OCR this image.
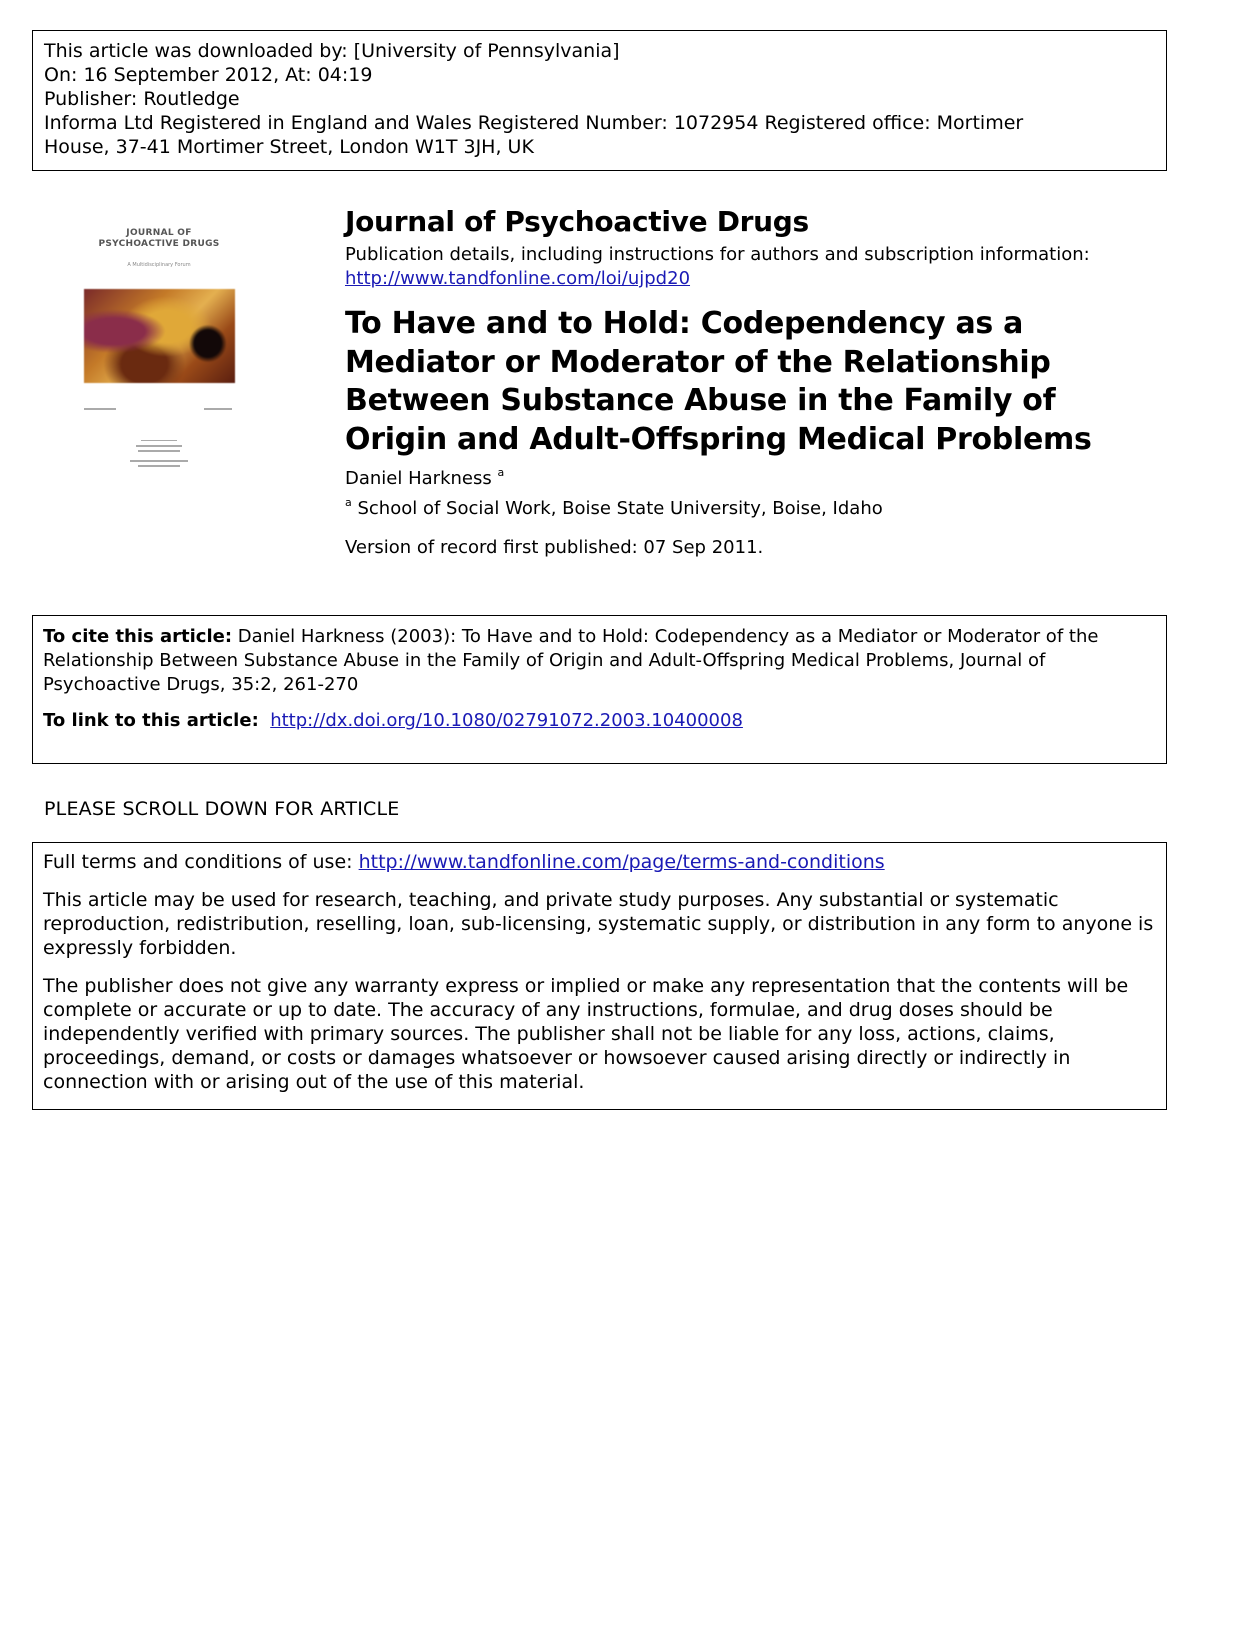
This article was downloaded by: [University of Pennsylvania]
On: 16 September 2012, At: 04:19
Publisher: Routledge
Informa Ltd Registered in England and Wales Registered Number: 1072954 Registered office: Mortimer
House, 37-41 Mortimer Street, London W1T 3JH, UK
JOURNAL OF
PSYCHOACTIVE DRUGS
A Multidisciplinary Forum
Journal of Psychoactive Drugs
Publication details, including instructions for authors and subscription information:
http://www.tandfonline.com/loi/ujpd20
To Have and to Hold: Codependency as a Mediator or Moderator of the Relationship Between Substance Abuse in the Family of Origin and Adult-Offspring Medical Problems
Daniel Harkness $^a$
$^a$ School of Social Work, Boise State University, Boise, Idaho
Version of record first published: 07 Sep 2011.
To cite this article: Daniel Harkness (2003): To Have and to Hold: Codependency as a Mediator or Moderator of the Relationship Between Substance Abuse in the Family of Origin and Adult-Offspring Medical Problems, Journal of Psychoactive Drugs, 35:2, 261-270
To link to this article: http://dx.doi.org/10.1080/02791072.2003.10400008
PLEASE SCROLL DOWN FOR ARTICLE

Full terms and conditions of use: http://www.tandfonline.com/page/terms-and-conditions

This article may be used for research, teaching, and private study purposes. Any substantial or systematic reproduction, redistribution, reselling, loan, sub-licensing, systematic supply, or distribution in any form to anyone is expressly forbidden.

The publisher does not give any warranty express or implied or make any representation that the contents will be complete or accurate or up to date. The accuracy of any instructions, formulae, and drug doses should be independently verified with primary sources. The publisher shall not be liable for any loss, actions, claims, proceedings, demand, or costs or damages whatsoever or howsoever caused arising directly or indirectly in connection with or arising out of the use of this material.
